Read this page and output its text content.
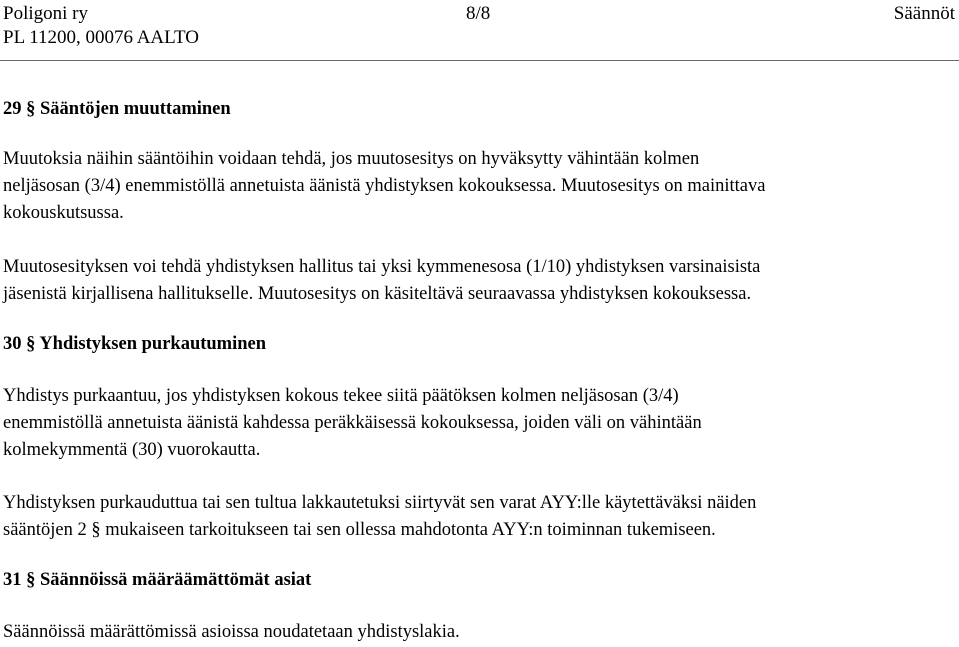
Poligoni ry
PL 11200, 00076 AALTO
8/8	Säännöt
29 § Sääntöjen muuttaminen
Muutoksia näihin sääntöihin voidaan tehdä, jos muutosesitys on hyväksytty vähintään kolmen
neljäsosan (3/4) enemmistöllä annetuista äänistä yhdistyksen kokouksessa. Muutosesitys on mainittava
kokouskutsussa.
Muutosesityksen voi tehdä yhdistyksen hallitus tai yksi kymmenesosa (1/10) yhdistyksen varsinaisista
jäsenistä kirjallisena hallitukselle. Muutosesitys on käsiteltävä seuraavassa yhdistyksen kokouksessa.
30 § Yhdistyksen purkautuminen
Yhdistys purkaantuu, jos yhdistyksen kokous tekee siitä päätöksen kolmen neljäsosan (3/4)
enemmistöllä annetuista äänistä kahdessa peräkkäisessä kokouksessa, joiden väli on vähintään
kolmekymmentä (30) vuorokautta.
Yhdistyksen purkauduttua tai sen tultua lakkautetuksi siirtyvät sen varat AYY:lle käytettäväksi näiden
sääntöjen 2 § mukaiseen tarkoitukseen tai sen ollessa mahdotonta AYY:n toiminnan tukemiseen.
31 § Säännöissä määräämättömät asiat
Säännöissä määrättömissä asioissa noudatetaan yhdistyslakia.
